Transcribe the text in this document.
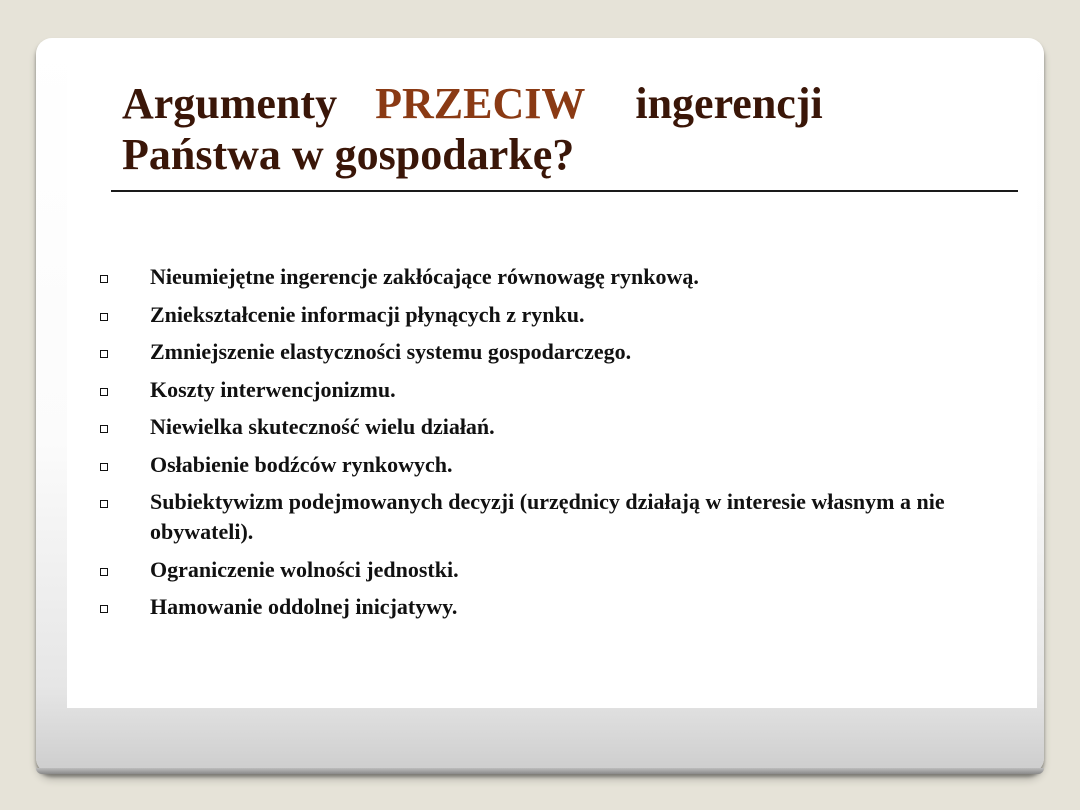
Argumenty PRZECIW ingerencji
Państwa w gospodarkę?
Nieumiejętne ingerencje zakłócające równowagę rynkową.
Zniekształcenie informacji płynących z rynku.
Zmniejszenie elastyczności systemu gospodarczego.
Koszty interwencjonizmu.
Niewielka skuteczność wielu działań.
Osłabienie bodźców rynkowych.
Subiektywizm podejmowanych decyzji (urzędnicy działają w interesie własnym a nie obywateli).
Ograniczenie wolności jednostki.
Hamowanie oddolnej inicjatywy.
